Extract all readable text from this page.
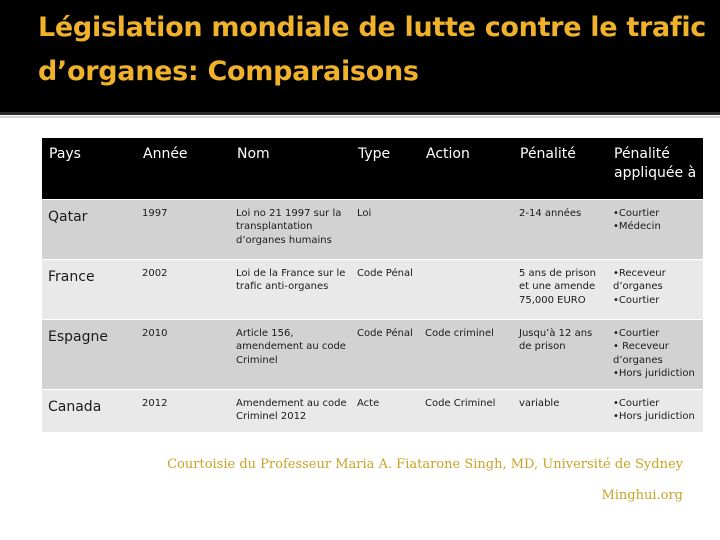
Législation mondiale de lutte contre le trafic d’organes: Comparaisons
Pays	Année	Nom	Type	Action	Pénalité	Pénalité appliquée à
Qatar	1997	Loi no 21 1997 sur la transplantation d’organes humains	Loi		2-14 années	•Courtier
•Médecin

France	2002	Loi de la France sur le trafic anti-organes	Code Pénal		5 ans de prison et une amende 75,000 EURO	•Receveur d’organes
•Courtier

Espagne	2010	Article 156, amendement au code Criminel	Code Pénal	Code criminel	Jusqu’à 12 ans de prison	•Courtier
• Receveur d’organes
•Hors juridiction

Canada	2012	Amendement au code Criminel 2012	Acte	Code Criminel	variable	•Courtier
•Hors juridiction
Courtoisie du Professeur Maria A. Fiatarone Singh, MD, Université de Sydney
Minghui.org
